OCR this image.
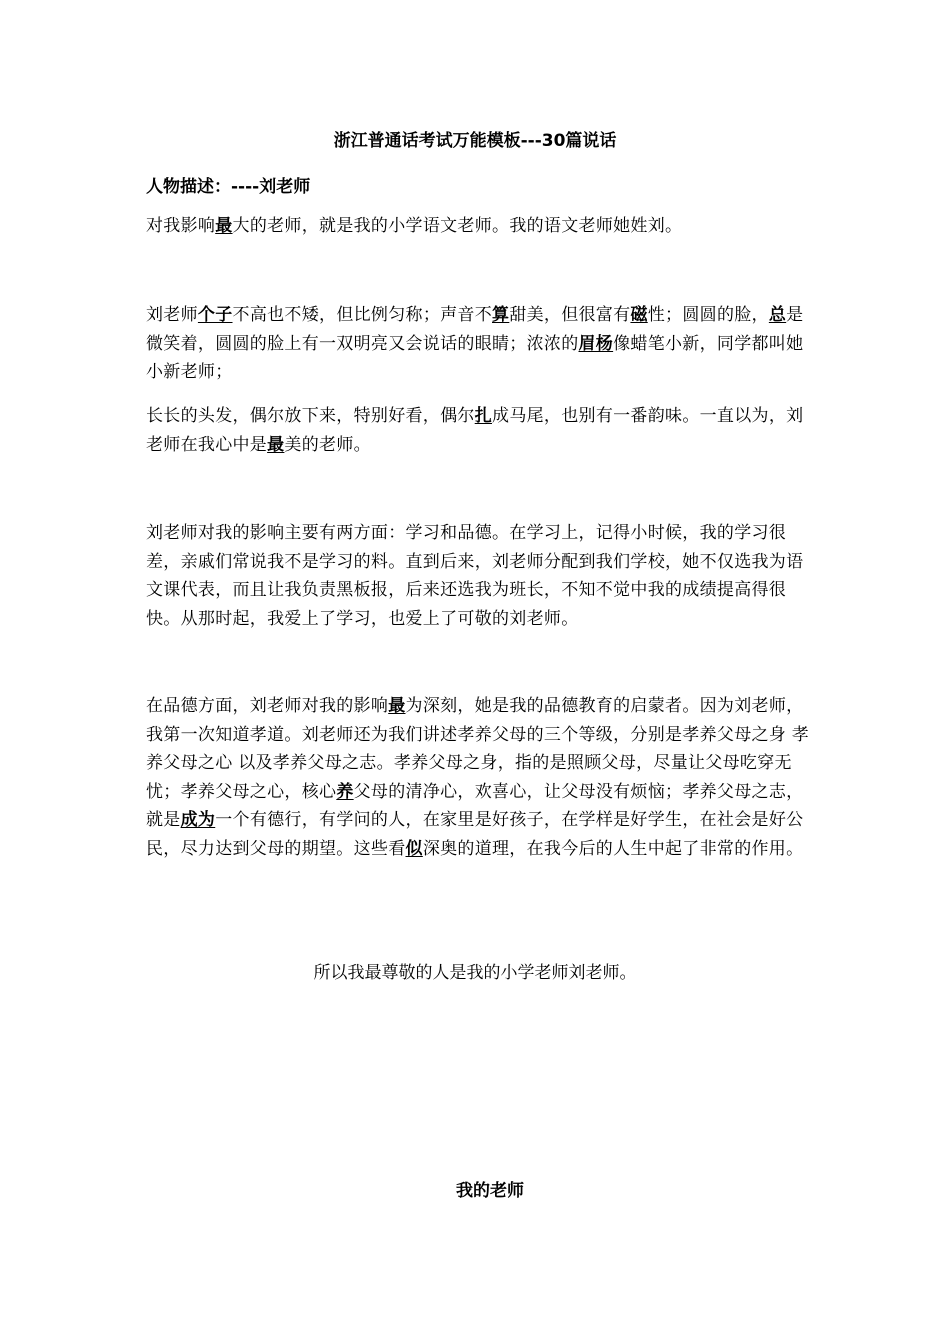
浙江普通话考试万能模板---30篇说话
人物描述：----刘老师

对我影响最大的老师，就是我的小学语文老师。我的语文老师她姓刘。

刘老师个子不高也不矮，但比例匀称；声音不算甜美，但很富有磁性；圆圆的脸，总是微笑着，圆圆的脸上有一双明亮又会说话的眼睛；浓浓的眉杨像蜡笔小新，同学都叫她小新老师；

长长的头发，偶尔放下来，特别好看，偶尔扎成马尾，也别有一番韵味。一直以为，刘老师在我心中是最美的老师。

刘老师对我的影响主要有两方面：学习和品德。在学习上，记得小时候，我的学习很差，亲戚们常说我不是学习的料。直到后来，刘老师分配到我们学校，她不仅选我为语文课代表，而且让我负责黑板报，后来还选我为班长，不知不觉中我的成绩提高得很快。从那时起，我爱上了学习，也爱上了可敬的刘老师。

在品德方面，刘老师对我的影响最为深刻，她是我的品德教育的启蒙者。因为刘老师，我第一次知道孝道。刘老师还为我们讲述孝养父母的三个等级，分别是孝养父母之身 孝养父母之心 以及孝养父母之志。孝养父母之身，指的是照顾父母，尽量让父母吃穿无忧；孝养父母之心，核心养父母的清净心，欢喜心，让父母没有烦恼；孝养父母之志，就是成为一个有德行，有学问的人，在家里是好孩子，在学样是好学生，在社会是好公民，尽力达到父母的期望。这些看似深奥的道理，在我今后的人生中起了非常的作用。

所以我最尊敬的人是我的小学老师刘老师。
我的老师
